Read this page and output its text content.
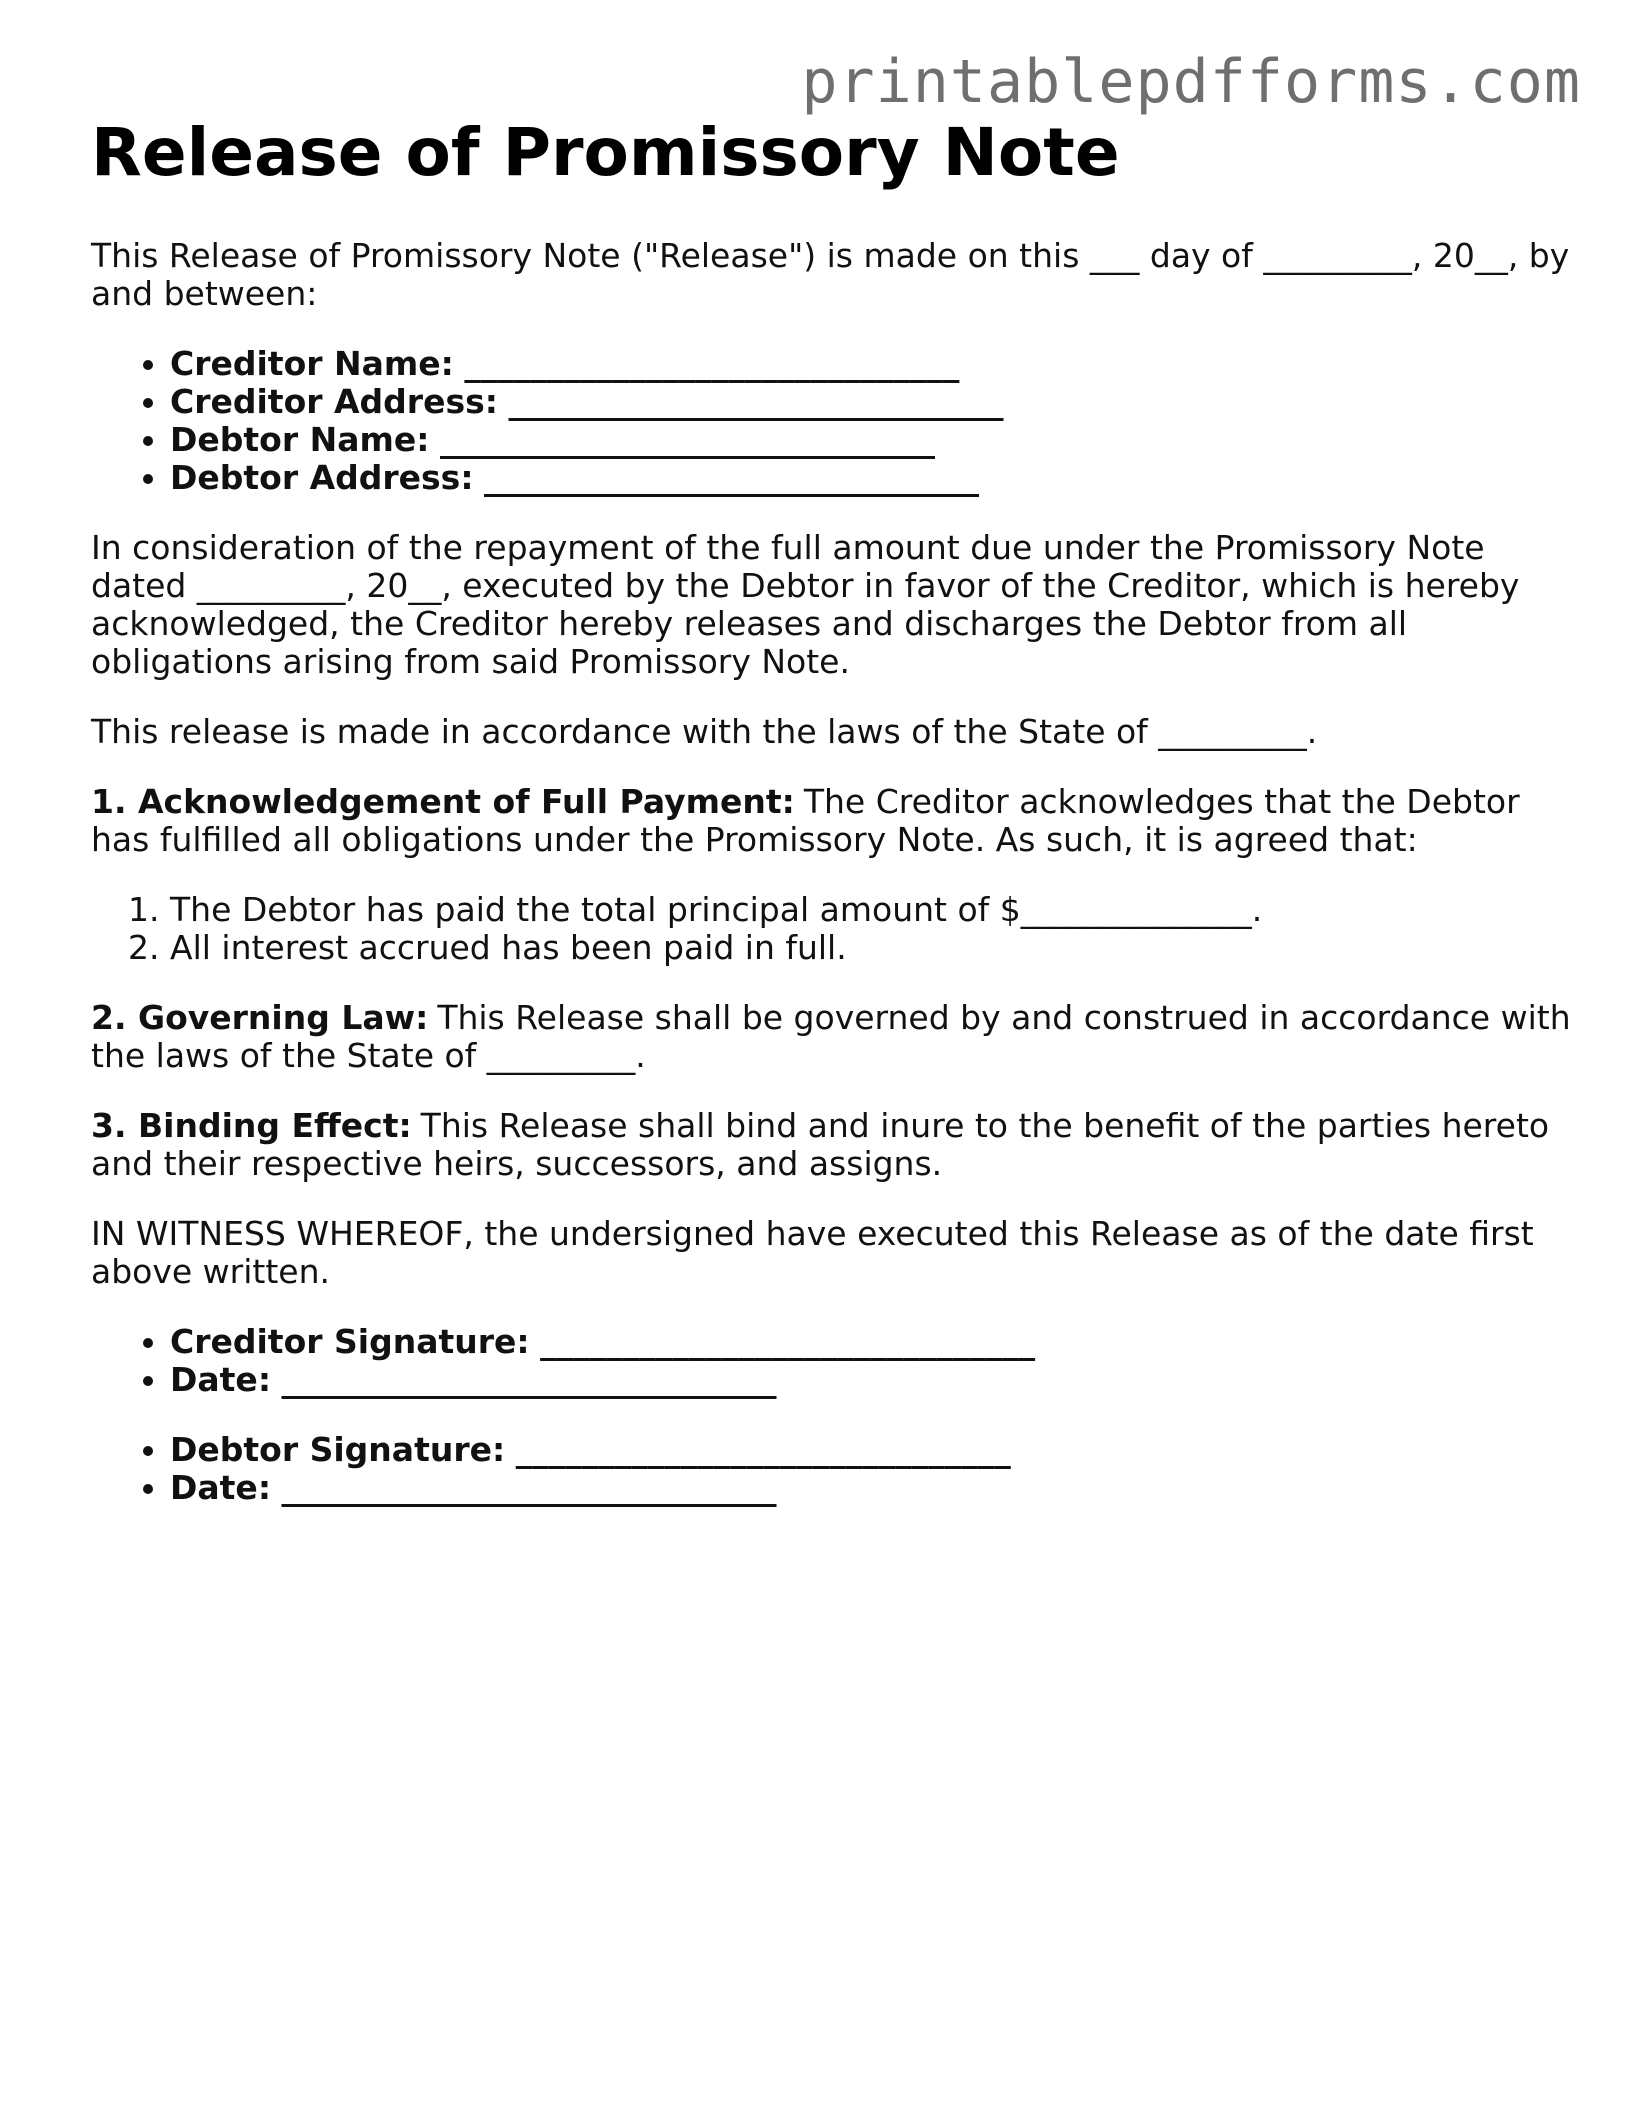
printablepdfforms.com
Release of Promissory Note

This Release of Promissory Note ("Release") is made on this ___ day of _________, 20__, by and between:

• Creditor Name: ______________________________
• Creditor Address: ______________________________
• Debtor Name: ______________________________
• Debtor Address: ______________________________

In consideration of the repayment of the full amount due under the Promissory Note dated _________, 20__, executed by the Debtor in favor of the Creditor, which is hereby acknowledged, the Creditor hereby releases and discharges the Debtor from all obligations arising from said Promissory Note.

This release is made in accordance with the laws of the State of _________.

1. Acknowledgement of Full Payment: The Creditor acknowledges that the Debtor has fulfilled all obligations under the Promissory Note. As such, it is agreed that:

1. The Debtor has paid the total principal amount of $______________.
2. All interest accrued has been paid in full.

2. Governing Law: This Release shall be governed by and construed in accordance with the laws of the State of _________.

3. Binding Effect: This Release shall bind and inure to the benefit of the parties hereto and their respective heirs, successors, and assigns.

IN WITNESS WHEREOF, the undersigned have executed this Release as of the date first above written.

• Creditor Signature: ______________________________
• Date: ______________________________
• Debtor Signature: ______________________________
• Date: ______________________________
